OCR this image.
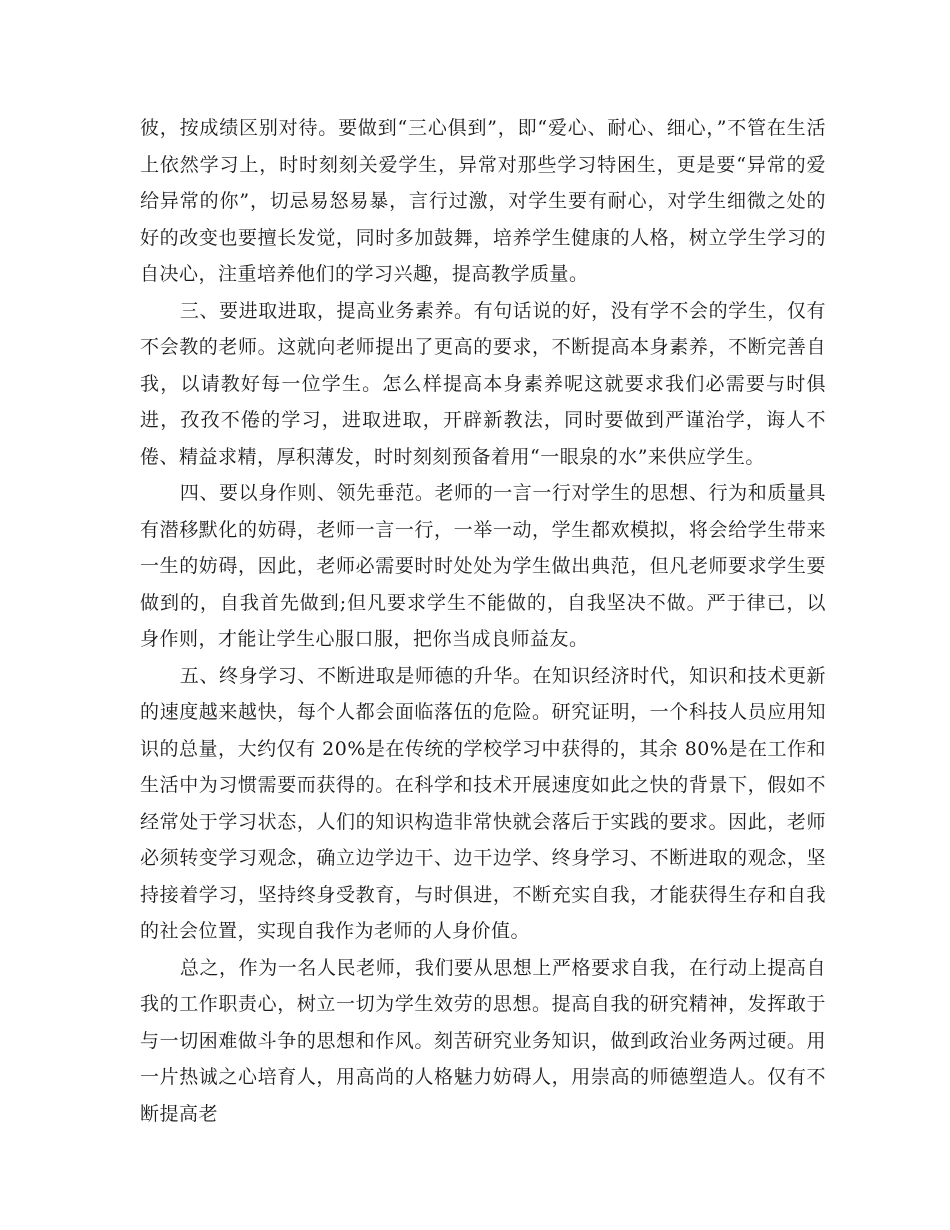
彼，按成绩区别对待。要做到“三心俱到”，即“爱心、耐心、细心，”不管在生活上依然学习上，时时刻刻关爱学生，异常对那些学习特困生，更是要“异常的爱给异常的你”，切忌易怒易暴，言行过激，对学生要有耐心，对学生细微之处的好的改变也要擅长发觉，同时多加鼓舞，培养学生健康的人格，树立学生学习的自决心，注重培养他们的学习兴趣，提高教学质量。

三、要进取进取，提高业务素养。有句话说的好，没有学不会的学生，仅有不会教的老师。这就向老师提出了更高的要求，不断提高本身素养，不断完善自我，以请教好每一位学生。怎么样提高本身素养呢这就要求我们必需要与时俱进，孜孜不倦的学习，进取进取，开辟新教法，同时要做到严谨治学，诲人不倦、精益求精，厚积薄发，时时刻刻预备着用“一眼泉的水”来供应学生。

四、要以身作则、领先垂范。老师的一言一行对学生的思想、行为和质量具有潜移默化的妨碍，老师一言一行，一举一动，学生都欢模拟，将会给学生带来一生的妨碍，因此，老师必需要时时处处为学生做出典范，但凡老师要求学生要做到的，自我首先做到;但凡要求学生不能做的，自我坚决不做。严于律已，以身作则，才能让学生心服口服，把你当成良师益友。

五、终身学习、不断进取是师德的升华。在知识经济时代，知识和技术更新的速度越来越快，每个人都会面临落伍的危险。研究证明，一个科技人员应用知识的总量，大约仅有 20%是在传统的学校学习中获得的，其余 80%是在工作和生活中为习惯需要而获得的。在科学和技术开展速度如此之快的背景下，假如不经常处于学习状态，人们的知识构造非常快就会落后于实践的要求。因此，老师必须转变学习观念，确立边学边干、边干边学、终身学习、不断进取的观念，坚持接着学习，坚持终身受教育，与时俱进，不断充实自我，才能获得生存和自我的社会位置，实现自我作为老师的人身价值。

总之，作为一名人民老师，我们要从思想上严格要求自我，在行动上提高自我的工作职责心，树立一切为学生效劳的思想。提高自我的研究精神，发挥敢于与一切困难做斗争的思想和作风。刻苦研究业务知识，做到政治业务两过硬。用一片热诚之心培育人，用高尚的人格魅力妨碍人，用崇高的师德塑造人。仅有不断提高老
